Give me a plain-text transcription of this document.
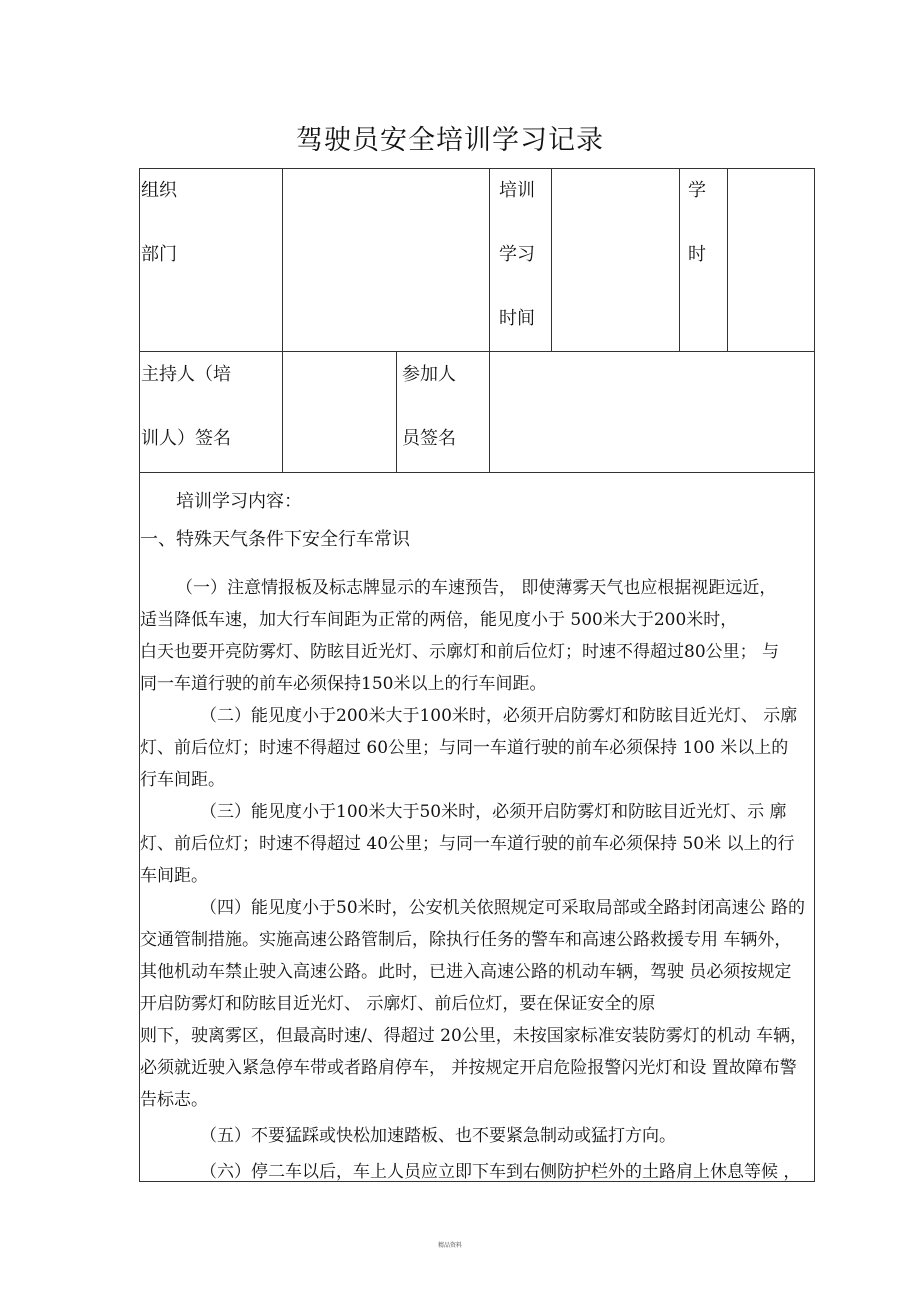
驾驶员安全培训学习记录
组织
部门
培训
学习
时间
学
时
主持人（培
训人）签名
参加人
员签名

培训学习内容：

一、特殊天气条件下安全行车常识

（一）注意情报板及标志牌显示的车速预告， 即使薄雾天气也应根据视距远近，

适当降低车速，加大行车间距为正常的两倍，能见度小于 500米大于200米时，

白天也要开亮防雾灯、防眩目近光灯、示廓灯和前后位灯；时速不得超过80公里； 与

同一车道行驶的前车必须保持150米以上的行车间距。

（二）能见度小于200米大于100米时，必须开启防雾灯和防眩目近光灯、 示廓

灯、前后位灯；时速不得超过 60公里；与同一车道行驶的前车必须保持 100 米以上的

行车间距。

（三）能见度小于100米大于50米时，必须开启防雾灯和防眩目近光灯、示 廓

灯、前后位灯；时速不得超过 40公里；与同一车道行驶的前车必须保持 50米 以上的行

车间距。

（四）能见度小于50米时，公安机关依照规定可采取局部或全路封闭高速公 路的

交通管制措施。实施高速公路管制后，除执行任务的警车和高速公路救援专用 车辆外，

其他机动车禁止驶入高速公路。此时，已进入高速公路的机动车辆，驾驶 员必须按规定

开启防雾灯和防眩目近光灯、 示廓灯、前后位灯，要在保证安全的原

则下，驶离雾区，但最高时速/、得超过 20公里，未按国家标准安装防雾灯的机动 车辆，

必须就近驶入紧急停车带或者路肩停车， 并按规定开启危险报警闪光灯和设 置故障布警

告标志。

（五）不要猛踩或快松加速踏板、也不要紧急制动或猛打方向。

（六）停二车以后，车上人员应立即下车到右侧防护栏外的土路肩上休息等候 ，

精品资料
